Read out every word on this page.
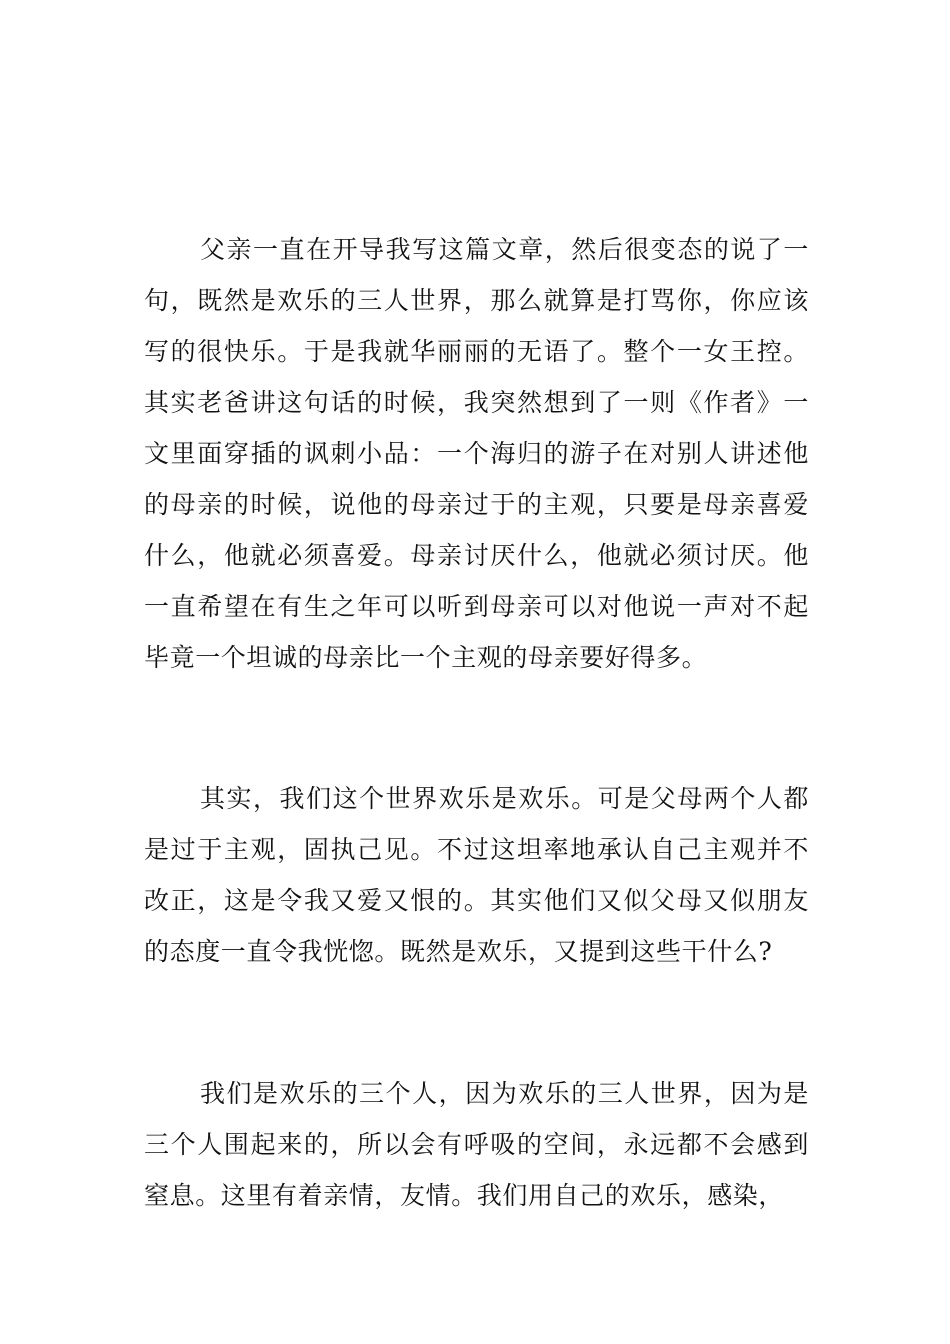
父亲一直在开导我写这篇文章，然后很变态的说了一句，既然是欢乐的三人世界，那么就算是打骂你，你应该写的很快乐。于是我就华丽丽的无语了。整个一女王控。其实老爸讲这句话的时候，我突然想到了一则《作者》一文里面穿插的讽刺小品：一个海归的游子在对别人讲述他的母亲的时候，说他的母亲过于的主观，只要是母亲喜爱什么，他就必须喜爱。母亲讨厌什么，他就必须讨厌。他一直希望在有生之年可以听到母亲可以对他说一声对不起毕竟一个坦诚的母亲比一个主观的母亲要好得多。

其实，我们这个世界欢乐是欢乐。可是父母两个人都是过于主观，固执己见。不过这坦率地承认自己主观并不改正，这是令我又爱又恨的。其实他们又似父母又似朋友的态度一直令我恍惚。既然是欢乐，又提到这些干什么?

我们是欢乐的三个人，因为欢乐的三人世界，因为是三个人围起来的，所以会有呼吸的空间，永远都不会感到窒息。这里有着亲情，友情。我们用自己的欢乐，感染，
